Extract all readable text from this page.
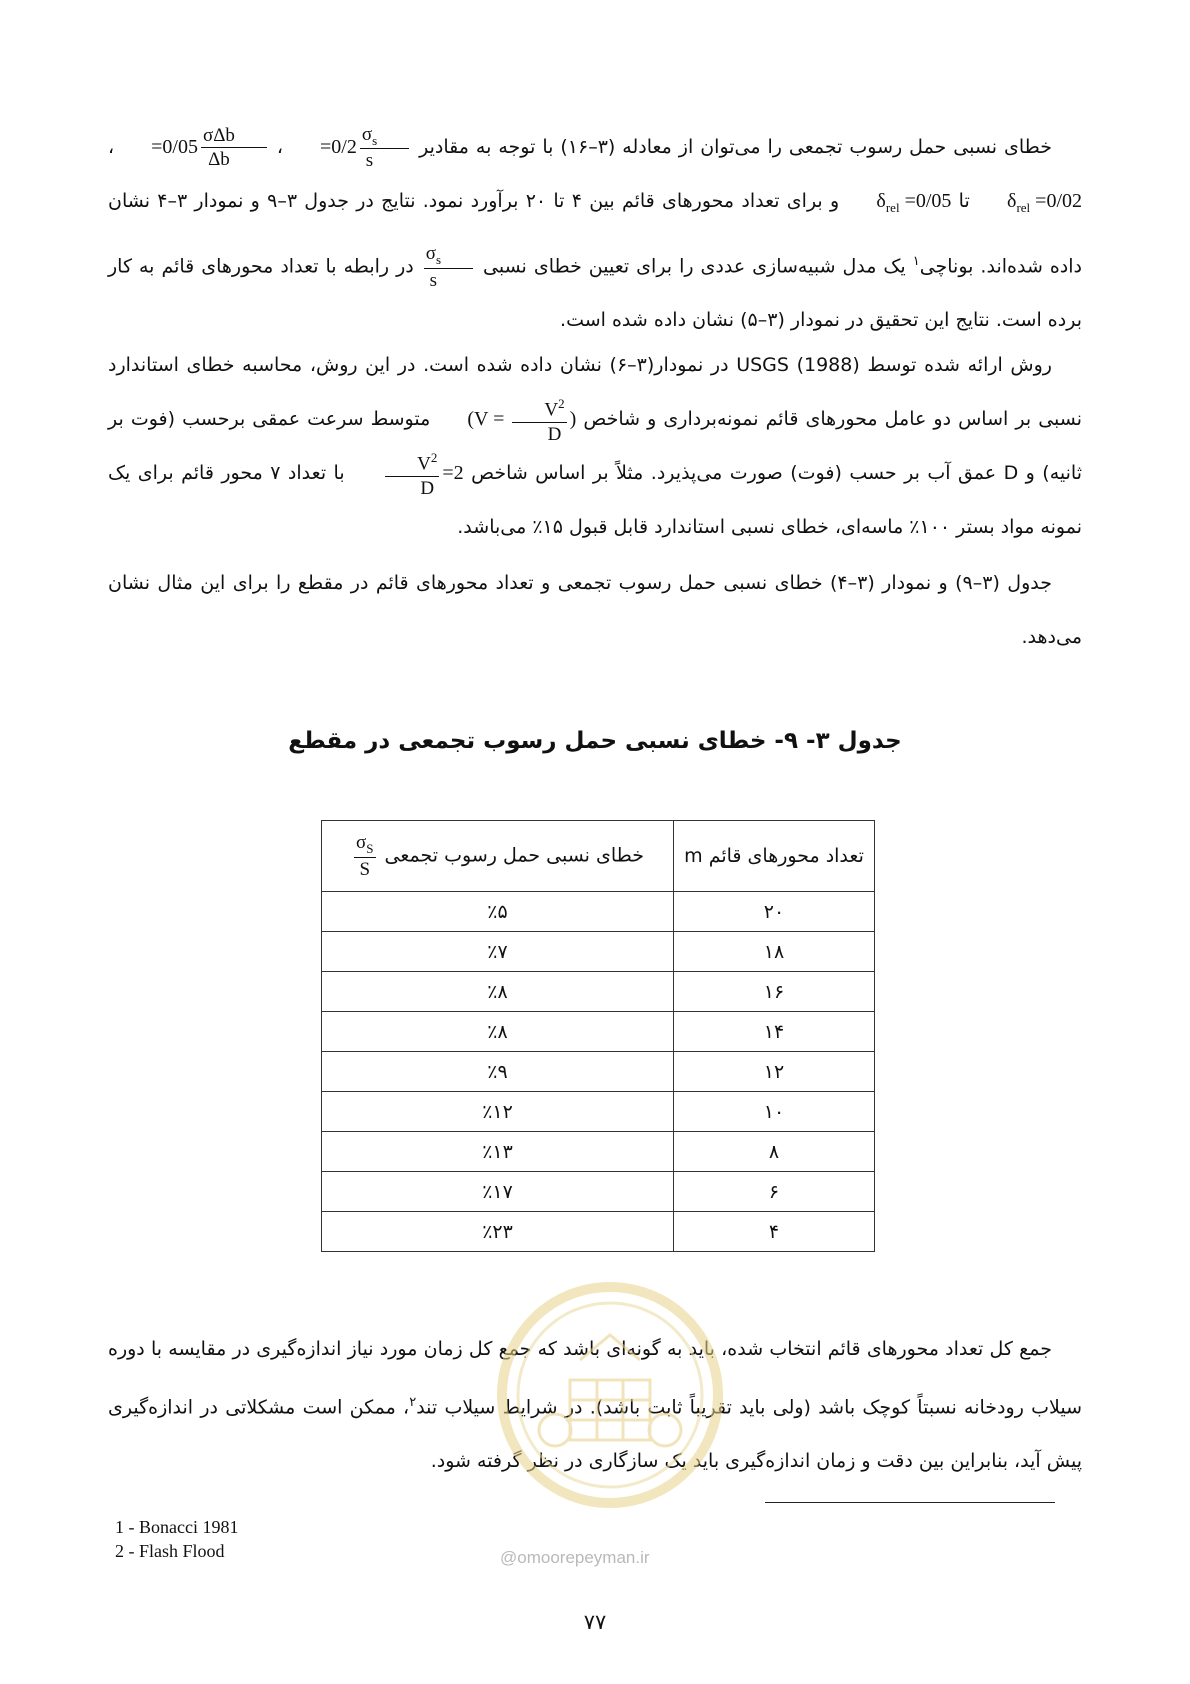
خطای نسبی حمل رسوب تجمعی را می‌توان از معادله (۳–۱۶) با توجه به مقادیر
$\frac{\sigma_s}{s}$
=0/2 ،
$\frac{\text{σΔb}}{\Delta b}$
=0/05 ، $\delta_{rel} =0/02$ تا $\delta_{rel} =0/05$ و برای تعداد محورهای قائم بین ۴ تا ۲۰ برآورد نمود. نتایج در جدول ۳–۹ و نمودار ۳–۴ نشان داده شده‌اند. بوناچی$^۱$ یک مدل شبیه‌سازی عددی را برای تعیین خطای نسبی
$\frac{\sigma_s}{s}$
در رابطه با تعداد محورهای قائم به کار برده است. نتایج این تحقیق در نمودار (۳–۵) نشان داده شده است.

روش ارائه شده توسط USGS (1988) در نمودار(۳–۶) نشان داده شده است. در این روش، محاسبه خطای استاندارد نسبی بر اساس دو عامل محورهای قائم نمونه‌برداری و شاخص ($V = \frac{V^2}{D}$ ) متوسط سرعت عمقی برحسب (فوت بر ثانیه) و D عمق آب بر حسب (فوت) صورت می‌پذیرد. مثلاً بر اساس شاخص
$\frac{V^2}{D} =2$ با تعداد ۷ محور قائم برای یک نمونه مواد بستر ۱۰۰٪ ماسه‌ای، خطای نسبی استاندارد قابل قبول ۱۵٪ می‌باشد.

جدول (۳–۹) و نمودار (۳–۴) خطای نسبی حمل رسوب تجمعی و تعداد محورهای قائم در مقطع را برای این مثال نشان می‌دهد.

جدول ۳- ۹- خطای نسبی حمل رسوب تجمعی در مقطع
تعداد محورهای قائم m	خطای نسبی حمل رسوب تجمعی
$\frac{\sigma_S}{S}$

۲۰	٪۵
۱۸	٪۷
۱۶	٪۸
۱۴	٪۸
۱۲	٪۹
۱۰	٪۱۲
۸	٪۱۳
۶	٪۱۷
۴	٪۲۳

جمع کل تعداد محورهای قائم انتخاب شده، باید به گونه‌ای باشد که جمع کل زمان مورد نیاز اندازه‌گیری در مقایسه با دوره سیلاب رودخانه نسبتاً کوچک باشد (ولی باید تقریباً ثابت باشد). در شرایط سیلاب تند$^۲$، ممکن است مشکلاتی در اندازه‌گیری پیش آید، بنابراین بین دقت و زمان اندازه‌گیری باید یک سازگاری در نظر گرفته شود.

@omoorepeyman.ir
1 - Bonacci 1981
2 - Flash Flood
۷۷
